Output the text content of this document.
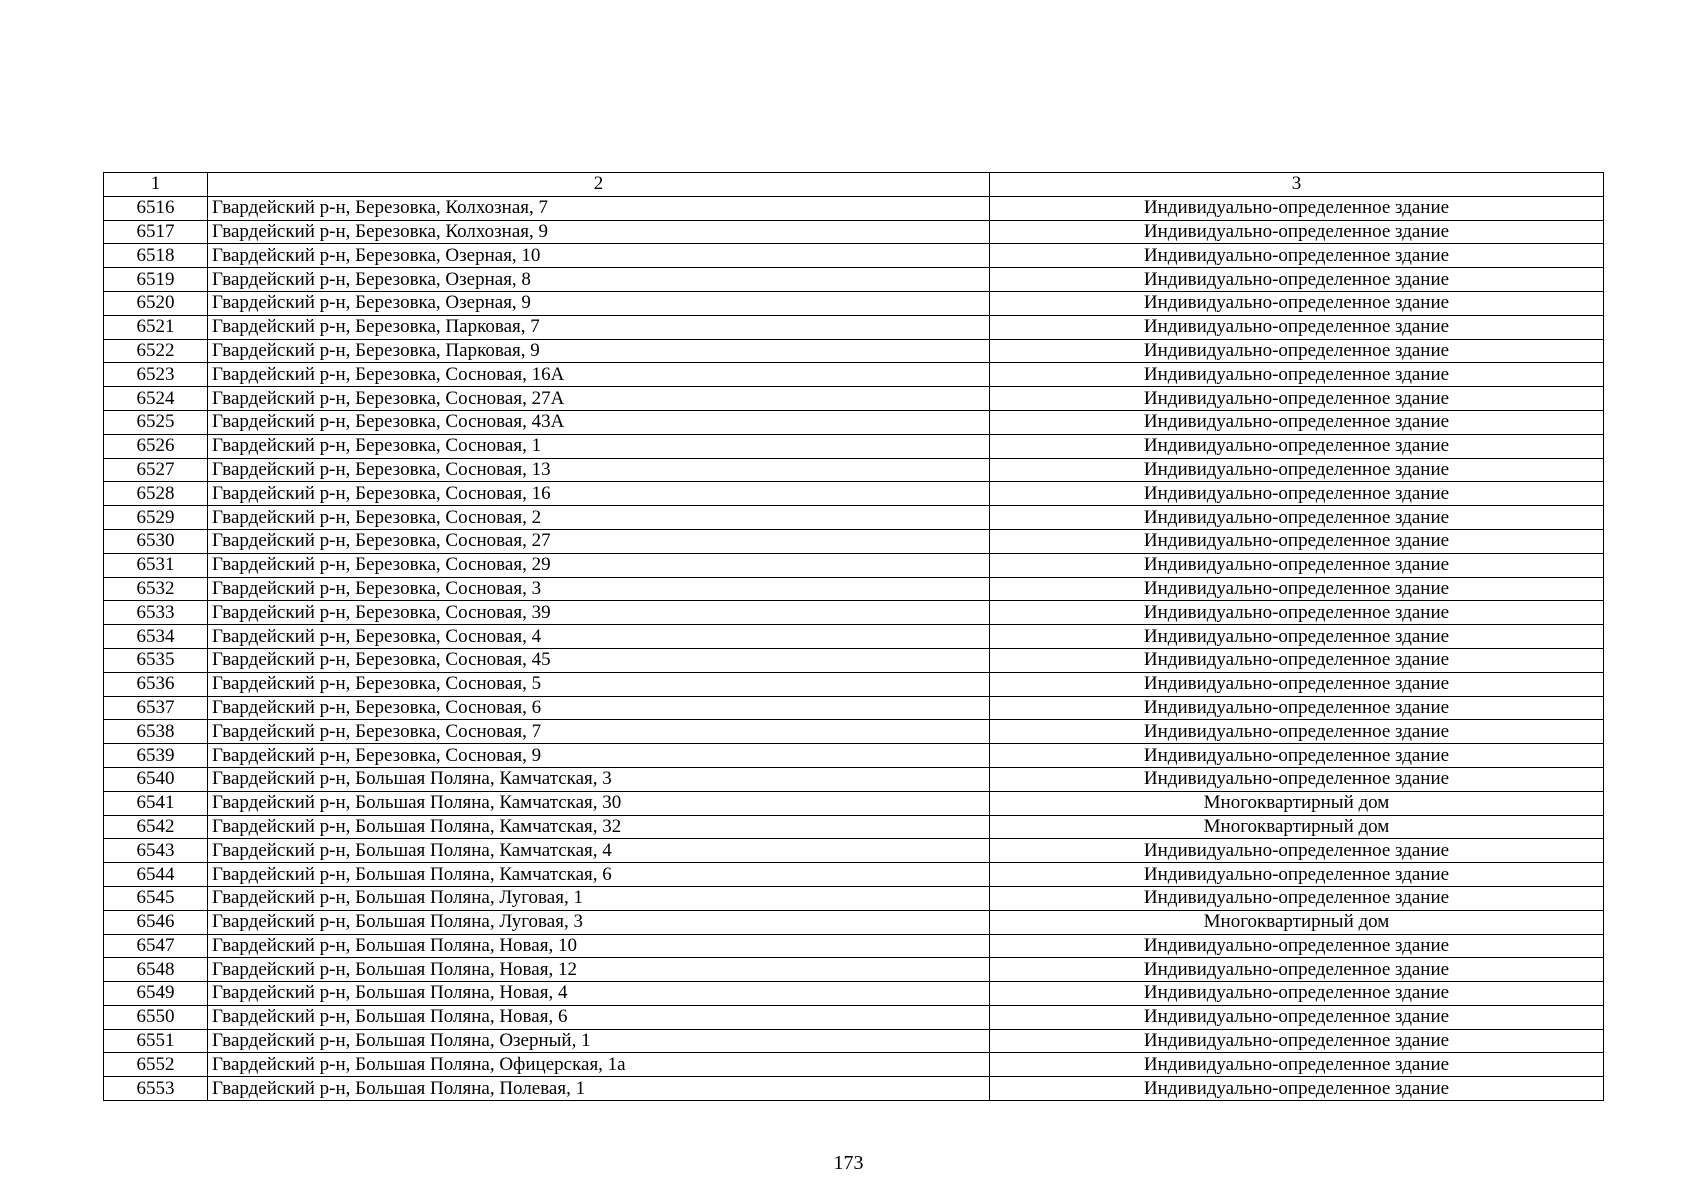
1	2	3
6516	Гвардейский р-н, Березовка, Колхозная, 7	Индивидуально-определенное здание
6517	Гвардейский р-н, Березовка, Колхозная, 9	Индивидуально-определенное здание
6518	Гвардейский р-н, Березовка, Озерная, 10	Индивидуально-определенное здание
6519	Гвардейский р-н, Березовка, Озерная, 8	Индивидуально-определенное здание
6520	Гвардейский р-н, Березовка, Озерная, 9	Индивидуально-определенное здание
6521	Гвардейский р-н, Березовка, Парковая, 7	Индивидуально-определенное здание
6522	Гвардейский р-н, Березовка, Парковая, 9	Индивидуально-определенное здание
6523	Гвардейский р-н, Березовка, Сосновая, 16А	Индивидуально-определенное здание
6524	Гвардейский р-н, Березовка, Сосновая, 27А	Индивидуально-определенное здание
6525	Гвардейский р-н, Березовка, Сосновая, 43А	Индивидуально-определенное здание
6526	Гвардейский р-н, Березовка, Сосновая, 1	Индивидуально-определенное здание
6527	Гвардейский р-н, Березовка, Сосновая, 13	Индивидуально-определенное здание
6528	Гвардейский р-н, Березовка, Сосновая, 16	Индивидуально-определенное здание
6529	Гвардейский р-н, Березовка, Сосновая, 2	Индивидуально-определенное здание
6530	Гвардейский р-н, Березовка, Сосновая, 27	Индивидуально-определенное здание
6531	Гвардейский р-н, Березовка, Сосновая, 29	Индивидуально-определенное здание
6532	Гвардейский р-н, Березовка, Сосновая, 3	Индивидуально-определенное здание
6533	Гвардейский р-н, Березовка, Сосновая, 39	Индивидуально-определенное здание
6534	Гвардейский р-н, Березовка, Сосновая, 4	Индивидуально-определенное здание
6535	Гвардейский р-н, Березовка, Сосновая, 45	Индивидуально-определенное здание
6536	Гвардейский р-н, Березовка, Сосновая, 5	Индивидуально-определенное здание
6537	Гвардейский р-н, Березовка, Сосновая, 6	Индивидуально-определенное здание
6538	Гвардейский р-н, Березовка, Сосновая, 7	Индивидуально-определенное здание
6539	Гвардейский р-н, Березовка, Сосновая, 9	Индивидуально-определенное здание
6540	Гвардейский р-н, Большая Поляна, Камчатская, 3	Индивидуально-определенное здание
6541	Гвардейский р-н, Большая Поляна, Камчатская, 30	Многоквартирный дом
6542	Гвардейский р-н, Большая Поляна, Камчатская, 32	Многоквартирный дом
6543	Гвардейский р-н, Большая Поляна, Камчатская, 4	Индивидуально-определенное здание
6544	Гвардейский р-н, Большая Поляна, Камчатская, 6	Индивидуально-определенное здание
6545	Гвардейский р-н, Большая Поляна, Луговая, 1	Индивидуально-определенное здание
6546	Гвардейский р-н, Большая Поляна, Луговая, 3	Многоквартирный дом
6547	Гвардейский р-н, Большая Поляна, Новая, 10	Индивидуально-определенное здание
6548	Гвардейский р-н, Большая Поляна, Новая, 12	Индивидуально-определенное здание
6549	Гвардейский р-н, Большая Поляна, Новая, 4	Индивидуально-определенное здание
6550	Гвардейский р-н, Большая Поляна, Новая, 6	Индивидуально-определенное здание
6551	Гвардейский р-н, Большая Поляна, Озерный, 1	Индивидуально-определенное здание
6552	Гвардейский р-н, Большая Поляна, Офицерская, 1а	Индивидуально-определенное здание
6553	Гвардейский р-н, Большая Поляна, Полевая, 1	Индивидуально-определенное здание
173
